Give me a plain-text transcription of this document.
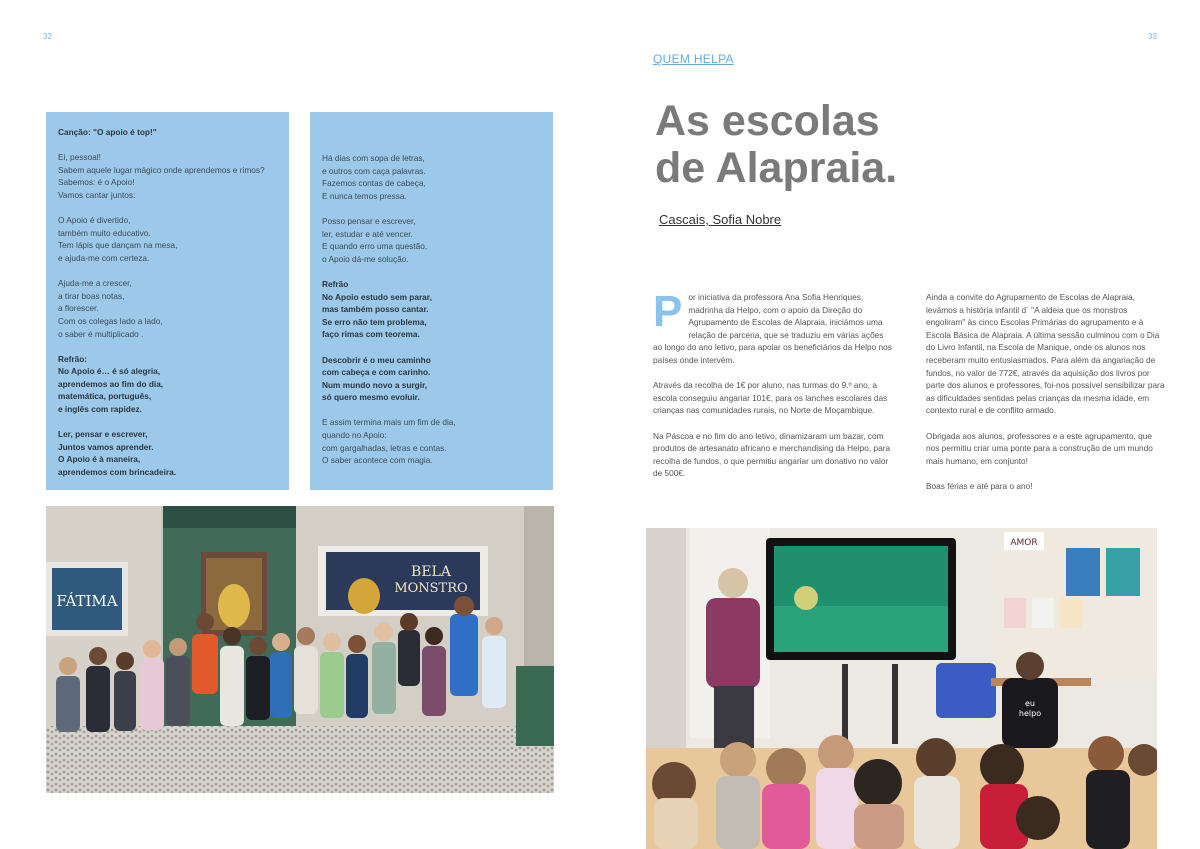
32	33

Canção: "O apoio é top!"

Ei, pessoal!
Sabem aquele lugar mágico onde aprendemos e rimos?
Sabemos: é o Apoio!
Vamos cantar juntos:

O Apoio é divertido,
também muito educativo.
Tem lápis que dançam na mesa,
e ajuda-me com certeza.

Ajuda-me a crescer,
a tirar boas notas,
a florescer.
Com os colegas lado a lado,
o saber é multiplicado .

Refrão:
No Apoio é… é só alegria,
aprendemos ao fim do dia,
matemática, português,
e inglês com rapidez.

Ler, pensar e escrever,
Juntos vamos aprender.
O Apoio é à maneira,
aprendemos com brincadeira.

Há dias com sopa de letras,
e outros com caça palavras.
Fazemos contas de cabeça,
E nunca temos pressa.

Posso pensar e escrever,
ler, estudar e até vencer.
E quando erro uma questão,
o Apoio dá-me solução.

Refrão
No Apoio estudo sem parar,
mas também posso cantar.
Se erro não tem problema,
faço rimas com teorema.

Descobrir é o meu caminho
com cabeça e com carinho.
Num mundo novo a surgir,
só quero mesmo evoluir.

E assim termina mais um fim de dia,
quando no Apoio:
com gargalhadas, letras e contas.
O saber acontece com magia.

QUEM HELPA
As escolas
de Alapraia.
Cascais, Sofia Nobre

Por iniciativa da professora Ana Sofia Henriques, madrinha da Helpo, com o apoio da Direção do Agrupamento de Escolas de Alapraia, iniciámos uma relação de parceria, que se traduziu em várias ações ao longo do ano letivo, para apoiar os beneficiários da Helpo nos países onde intervém.

Através da recolha de 1€ por aluno, nas turmas do 9.º ano, a escola conseguiu angariar 101€, para os lanches escolares das crianças nas comunidades rurais, no Norte de Moçambique.

Na Páscoa e no fim do ano letivo, dinamizaram um bazar, com produtos de artesanato africano e merchandising da Helpo, para recolha de fundos, o que permitiu angariar um donativo no valor de 500€.

Ainda a convite do Agrupamento de Escolas de Alapraia, levámos a história infantil d´ "A aldeia que os monstros engoliram" às cinco Escolas Primárias do agrupamento e à Escola Básica de Alapraia. A última sessão culminou com o Dia do Livro Infantil, na Escola de Manique, onde os alunos nos receberam muito entusiasmados. Para além da angariação de fundos, no valor de 772€, através da aquisição dos livros por parte dos alunos e professores, foi-nos possível sensibilizar para as dificuldades sentidas pelas crianças da mesma idade, em contexto rural e de conflito armado.

Obrigada aos alunos, professores e a este agrupamento, que nos permitiu criar uma ponte para a construção de um mundo mais humano, em conjunto!

Boas férias e até para o ano!

FÁTIMA
BELA
MONSTRO
AMOR
eu
helpo
